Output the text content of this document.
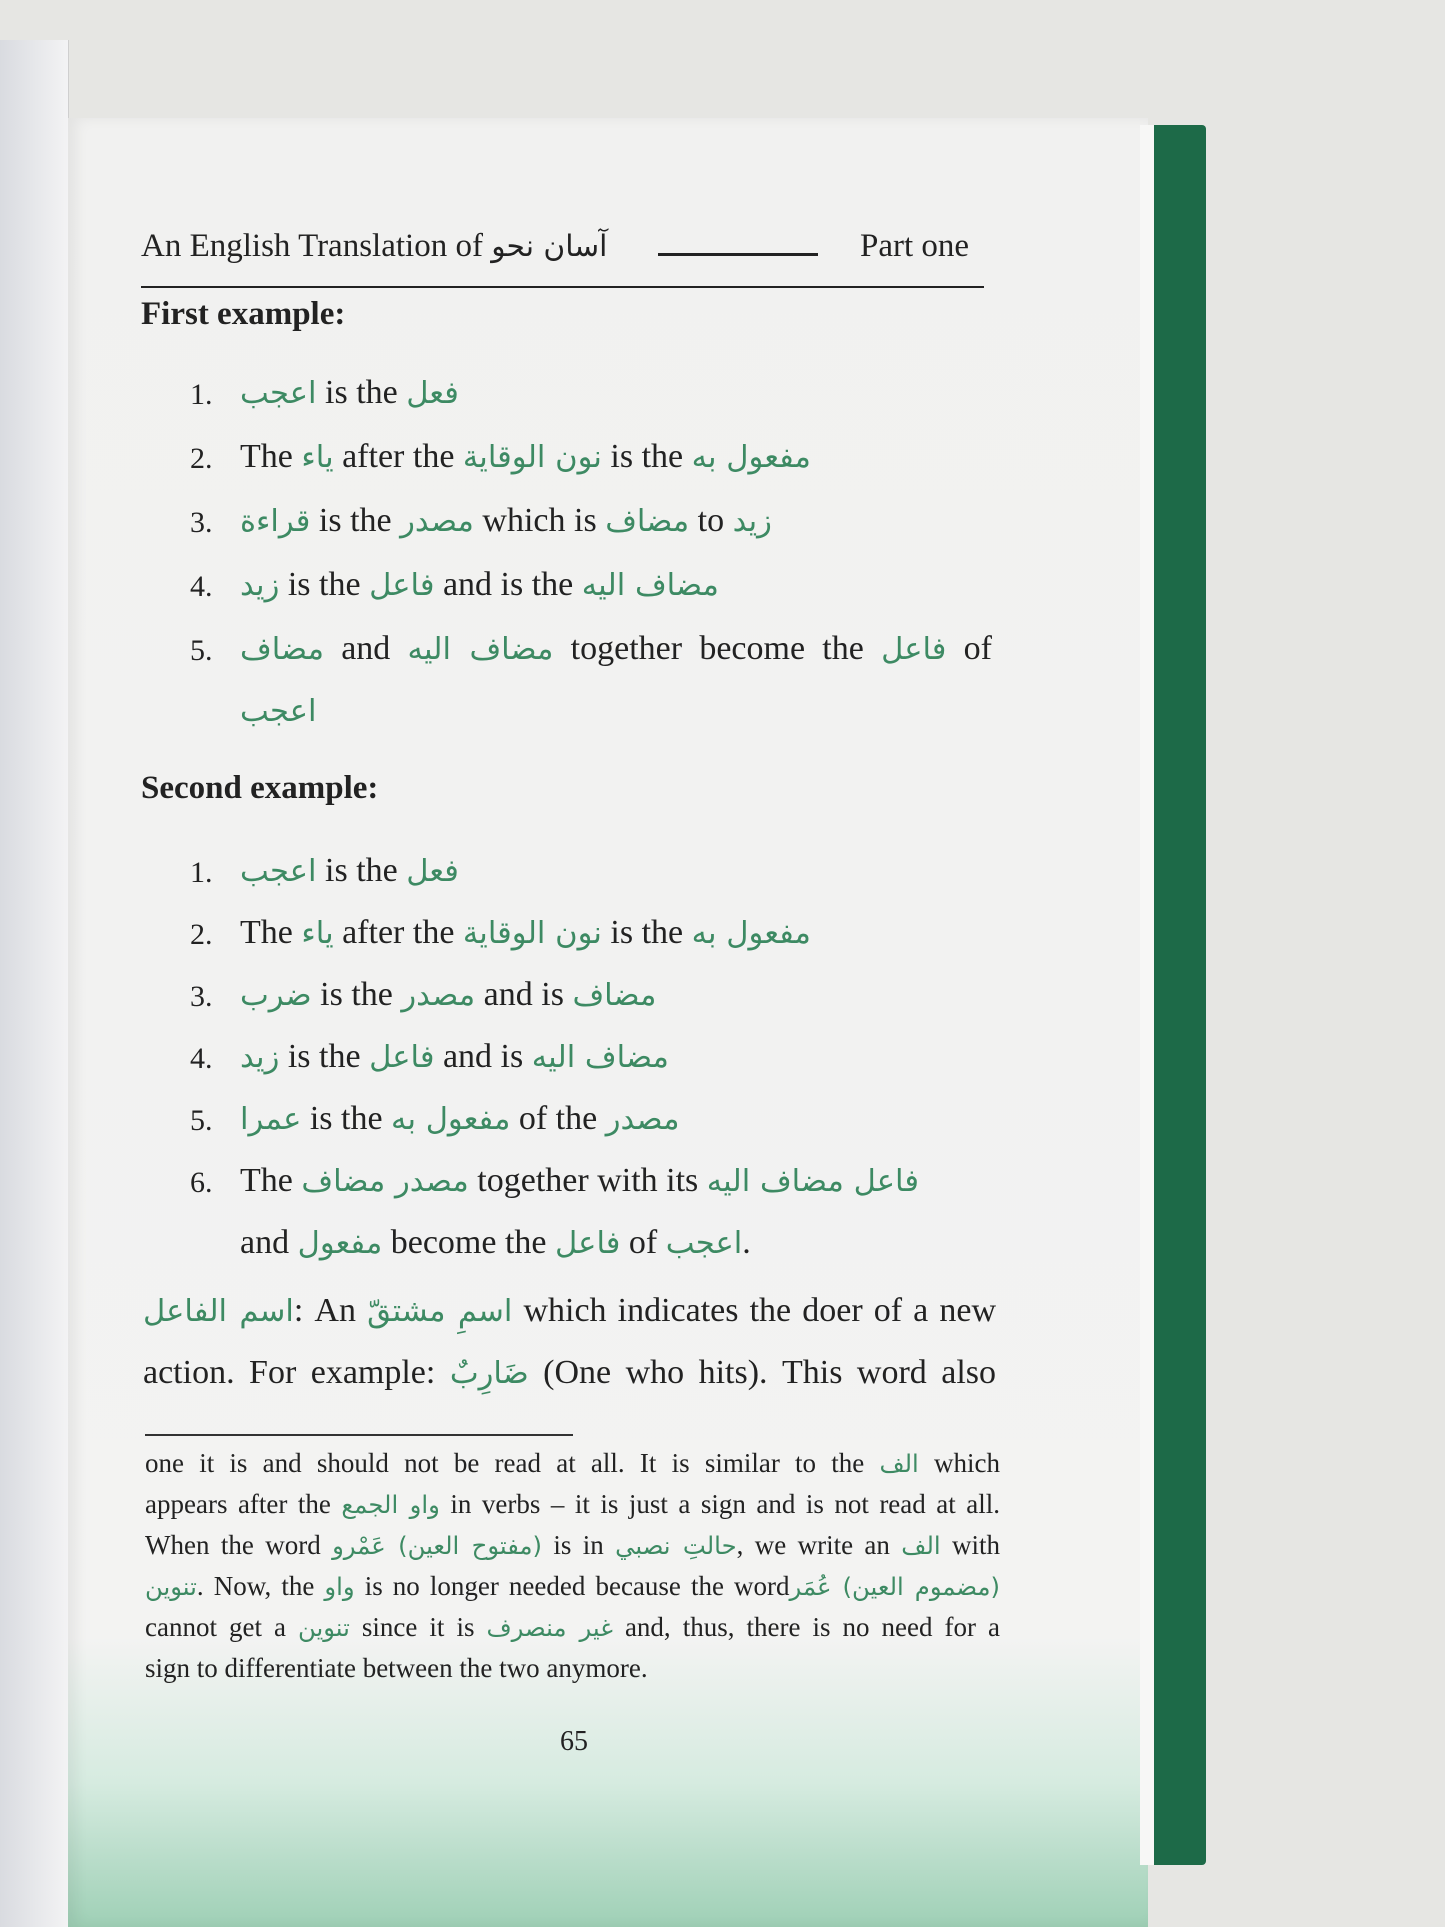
An English Translation of آسان نحو	Part one
First example:
1. اعجب is the فعل
2. The ياء after the نون الوقاية is the مفعول به
3. قراءة is the مصدر which is مضاف to زيد
4. زيد is the فاعل and is the مضاف اليه
5. مضاف and مضاف اليه together become the فاعل of
اعجب
Second example:
1. اعجب is the فعل
2. The ياء after the نون الوقاية is the مفعول به
3. ضرب is the مصدر and is مضاف
4. زيد is the فاعل and is مضاف اليه
5. عمرا is the مفعول به of the مصدر
6. The مصدر مضاف together with its فاعل مضاف اليه
and مفعول become the فاعل of اعجب.
اسم الفاعل: An اسمِ مشتقّ which indicates the doer of a new
action. For example: ضَارِبٌ (One who hits). This word also
one it is and should not be read at all. It is similar to the الف which
appears after the واو الجمع in verbs – it is just a sign and is not read at all.
When the word (مفتوح العين) عَمْرو is in حالتِ نصبي, we write an الف with
تنوين. Now, the واو is no longer needed because the word(مضموم العين) عُمَر
cannot get a تنوين since it is غير منصرف and, thus, there is no need for a
sign to differentiate between the two anymore.
65
